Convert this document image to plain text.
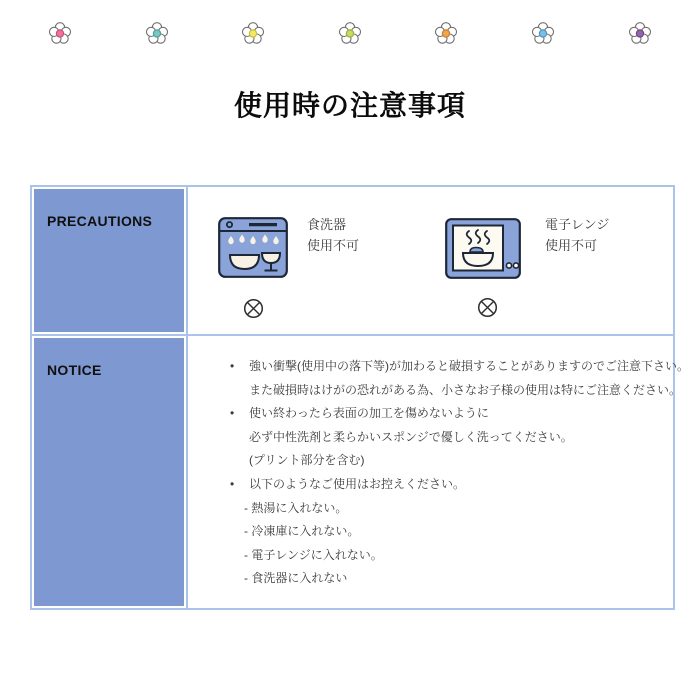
使用時の注意事項
PRECAUTIONS	食洗器
使用不可
電子レンジ
使用不可
NOTICE	• 強い衝撃(使用中の落下等)が加わると破損することがありますのでご注意下さい。
また破損時はけがの恐れがある為、小さなお子様の使用は特にご注意ください。
• 使い終わったら表面の加工を傷めないように
必ず中性洗剤と柔らかいスポンジで優しく洗ってください。
(プリント部分を含む)
• 以下のようなご使用はお控えください。
- 熱湯に入れない。
- 冷凍庫に入れない。
- 電子レンジに入れない。
- 食洗器に入れない
